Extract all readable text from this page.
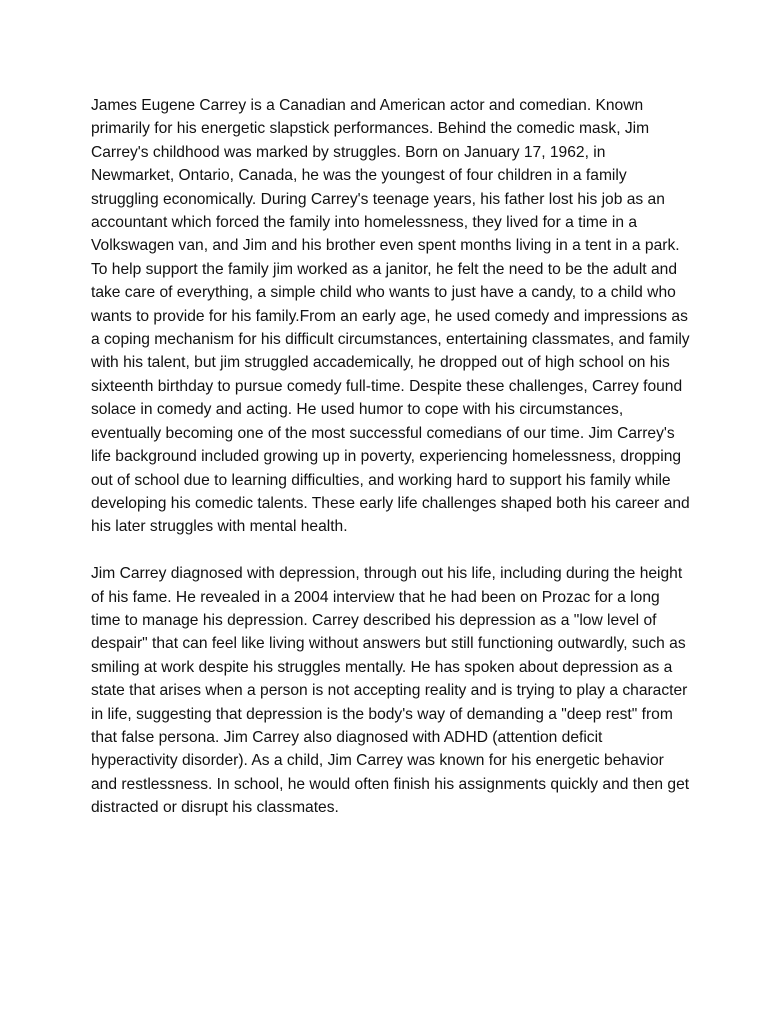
James Eugene Carrey is a Canadian and American actor and comedian. Known primarily for his energetic slapstick performances. Behind the comedic mask, Jim Carrey's childhood was marked by struggles. Born on January 17, 1962, in Newmarket, Ontario, Canada, he was the youngest of four children in a family struggling economically. During Carrey's teenage years, his father lost his job as an accountant which forced the family into homelessness, they lived for a time in a Volkswagen van, and Jim and his brother even spent months living in a tent in a park. To help support the family jim worked as a janitor, he felt the need to be the adult and take care of everything, a simple child who wants to just have a candy, to a child who wants to provide for his family.From an early age, he used comedy and impressions as a coping mechanism for his difficult circumstances, entertaining classmates, and family with his talent, but jim struggled accademically, he dropped out of high school on his sixteenth birthday to pursue comedy full-time. Despite these challenges, Carrey found solace in comedy and acting. He used humor to cope with his circumstances, eventually becoming one of the most successful comedians of our time. Jim Carrey's life background included growing up in poverty, experiencing homelessness, dropping out of school due to learning difficulties, and working hard to support his family while developing his comedic talents. These early life challenges shaped both his career and his later struggles with mental health.

Jim Carrey diagnosed with depression, through out his life, including during the height of his fame. He revealed in a 2004 interview that he had been on Prozac for a long time to manage his depression. Carrey described his depression as a "low level of despair" that can feel like living without answers but still functioning outwardly, such as smiling at work despite his struggles mentally. He has spoken about depression as a state that arises when a person is not accepting reality and is trying to play a character in life, suggesting that depression is the body's way of demanding a "deep rest" from that false persona. Jim Carrey also diagnosed with ADHD (attention deficit hyperactivity disorder). As a child, Jim Carrey was known for his energetic behavior and restlessness. In school, he would often finish his assignments quickly and then get distracted or disrupt his classmates.
